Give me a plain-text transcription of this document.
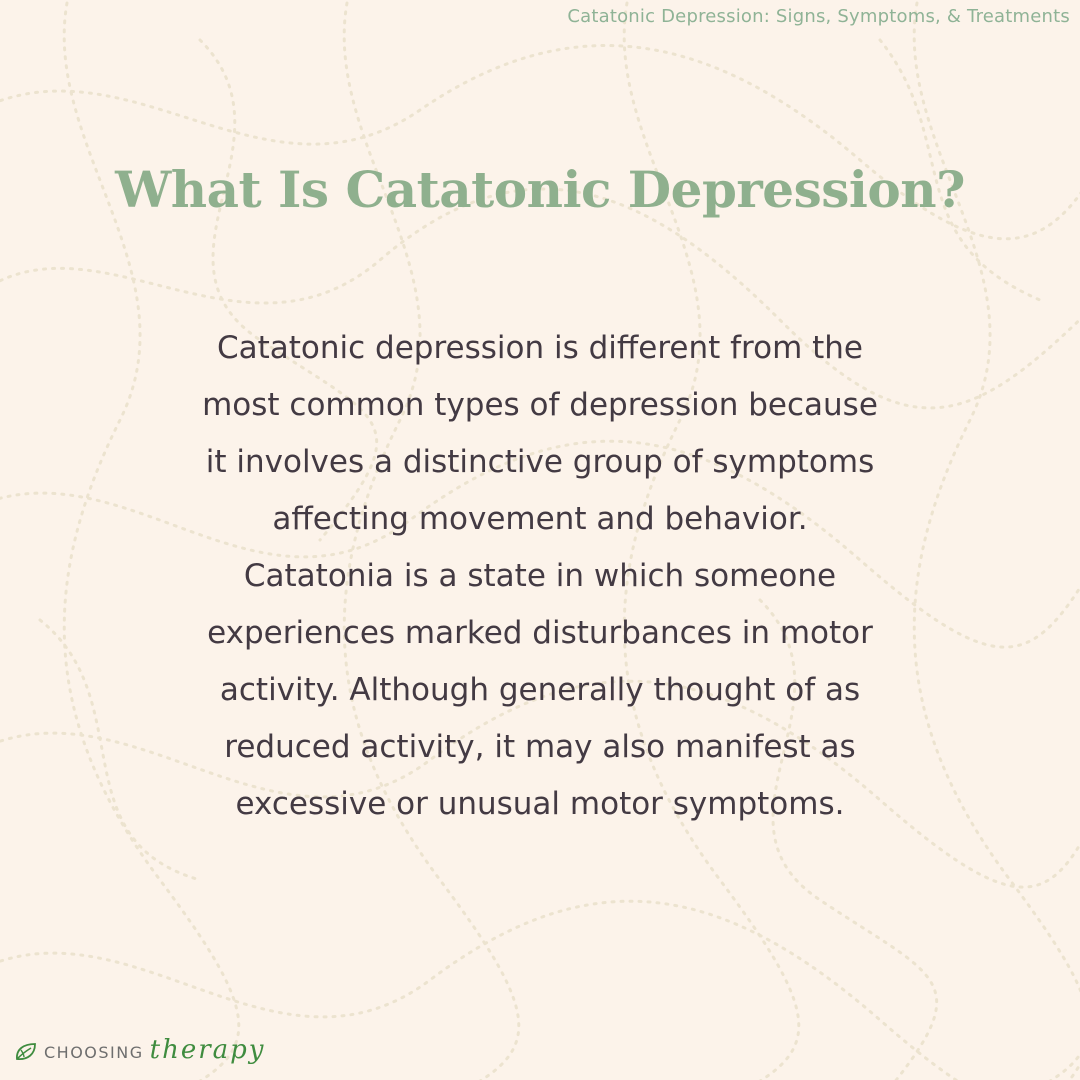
Catatonic Depression: Signs, Symptoms, & Treatments
What Is Catatonic Depression?
Catatonic depression is different from the
most common types of depression because
it involves a distinctive group of symptoms
affecting movement and behavior.
Catatonia is a state in which someone
experiences marked disturbances in motor
activity. Although generally thought of as
reduced activity, it may also manifest as
excessive or unusual motor symptoms.
CHOOSING therapy
